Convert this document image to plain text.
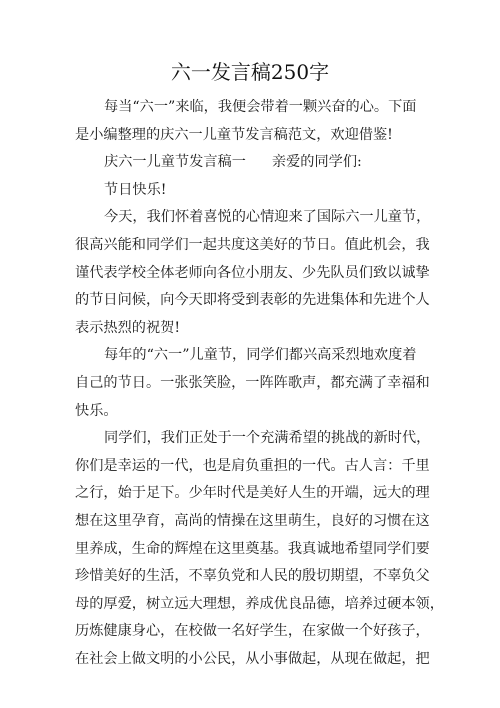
六一发言稿250字
每当“六一”来临，我便会带着一颗兴奋的心。下面
是小编整理的庆六一儿童节发言稿范文，欢迎借鉴!
庆六一儿童节发言稿一 亲爱的同学们:
节日快乐!
今天，我们怀着喜悦的心情迎来了国际六一儿童节，
很高兴能和同学们一起共度这美好的节日。值此机会，我
谨代表学校全体老师向各位小朋友、少先队员们致以诚挚
的节日问候，向今天即将受到表彰的先进集体和先进个人
表示热烈的祝贺!
每年的“六一”儿童节，同学们都兴高采烈地欢度着
自己的节日。一张张笑脸，一阵阵歌声，都充满了幸福和
快乐。
同学们，我们正处于一个充满希望的挑战的新时代，
你们是幸运的一代，也是肩负重担的一代。古人言：千里
之行，始于足下。少年时代是美好人生的开端，远大的理
想在这里孕育，高尚的情操在这里萌生，良好的习惯在这
里养成，生命的辉煌在这里奠基。我真诚地希望同学们要
珍惜美好的生活，不辜负党和人民的殷切期望，不辜负父
母的厚爱，树立远大理想，养成优良品德，培养过硬本领，
历炼健康身心，在校做一名好学生，在家做一个好孩子，
在社会上做文明的小公民，从小事做起，从现在做起，把
